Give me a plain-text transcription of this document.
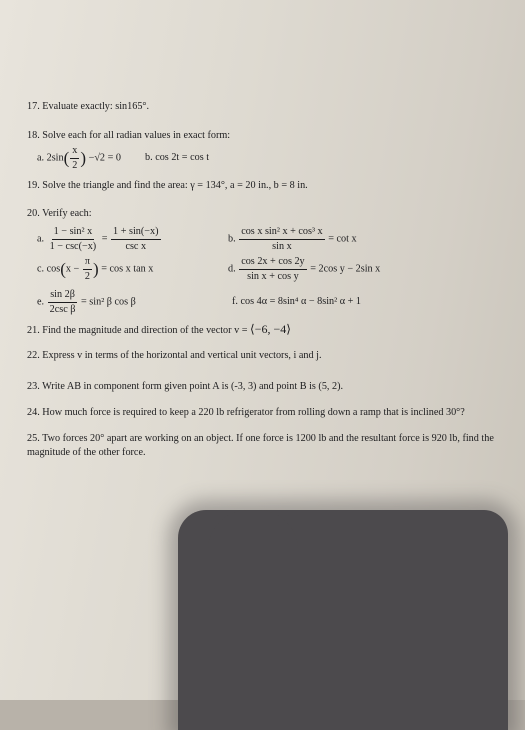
17. Evaluate exactly: sin165°.
18. Solve each for all radian values in exact form:
a. $2\sin( \frac{x}{2}$ ) −√2 = 0 b. cos 2t = cos t
19. Solve the triangle and find the area: γ = 134°, a = 20 in., b = 8 in.
20. Verify each:
a. $\frac{\text{1 − sin² x}}{1 - \csc(-x)} = \frac{1 + \sin(-x)}{\text{csc x}}$	b. $\frac{\text{cos x sin² x + cos³ x}}{\text{sin x}} = \cot x$
c. $\cos(x - \frac{\pi}{2}$ ) = cos x tan x	d. $\frac{\cos 2x + \cos 2y}{\text{sin x + cos y}} = 2\cos$ y − 2sin x
e. $\frac{\sin 2\beta}{\text{2csc β}} = \sin^2$ β cos β	f. cos 4α = 8sin⁴ α − 8sin² α + 1
21. Find the magnitude and direction of the vector v = ⟨−6, −4⟩
22. Express v in terms of the horizontal and vertical unit vectors, i and j.
23. Write AB in component form given point A is (-3, 3) and point B is (5, 2).
24. How much force is required to keep a 220 lb refrigerator from rolling down a ramp that is inclined 30°?
25. Two forces 20° apart are working on an object. If one force is 1200 lb and the resultant force is 920 lb, find the magnitude of the other force.
